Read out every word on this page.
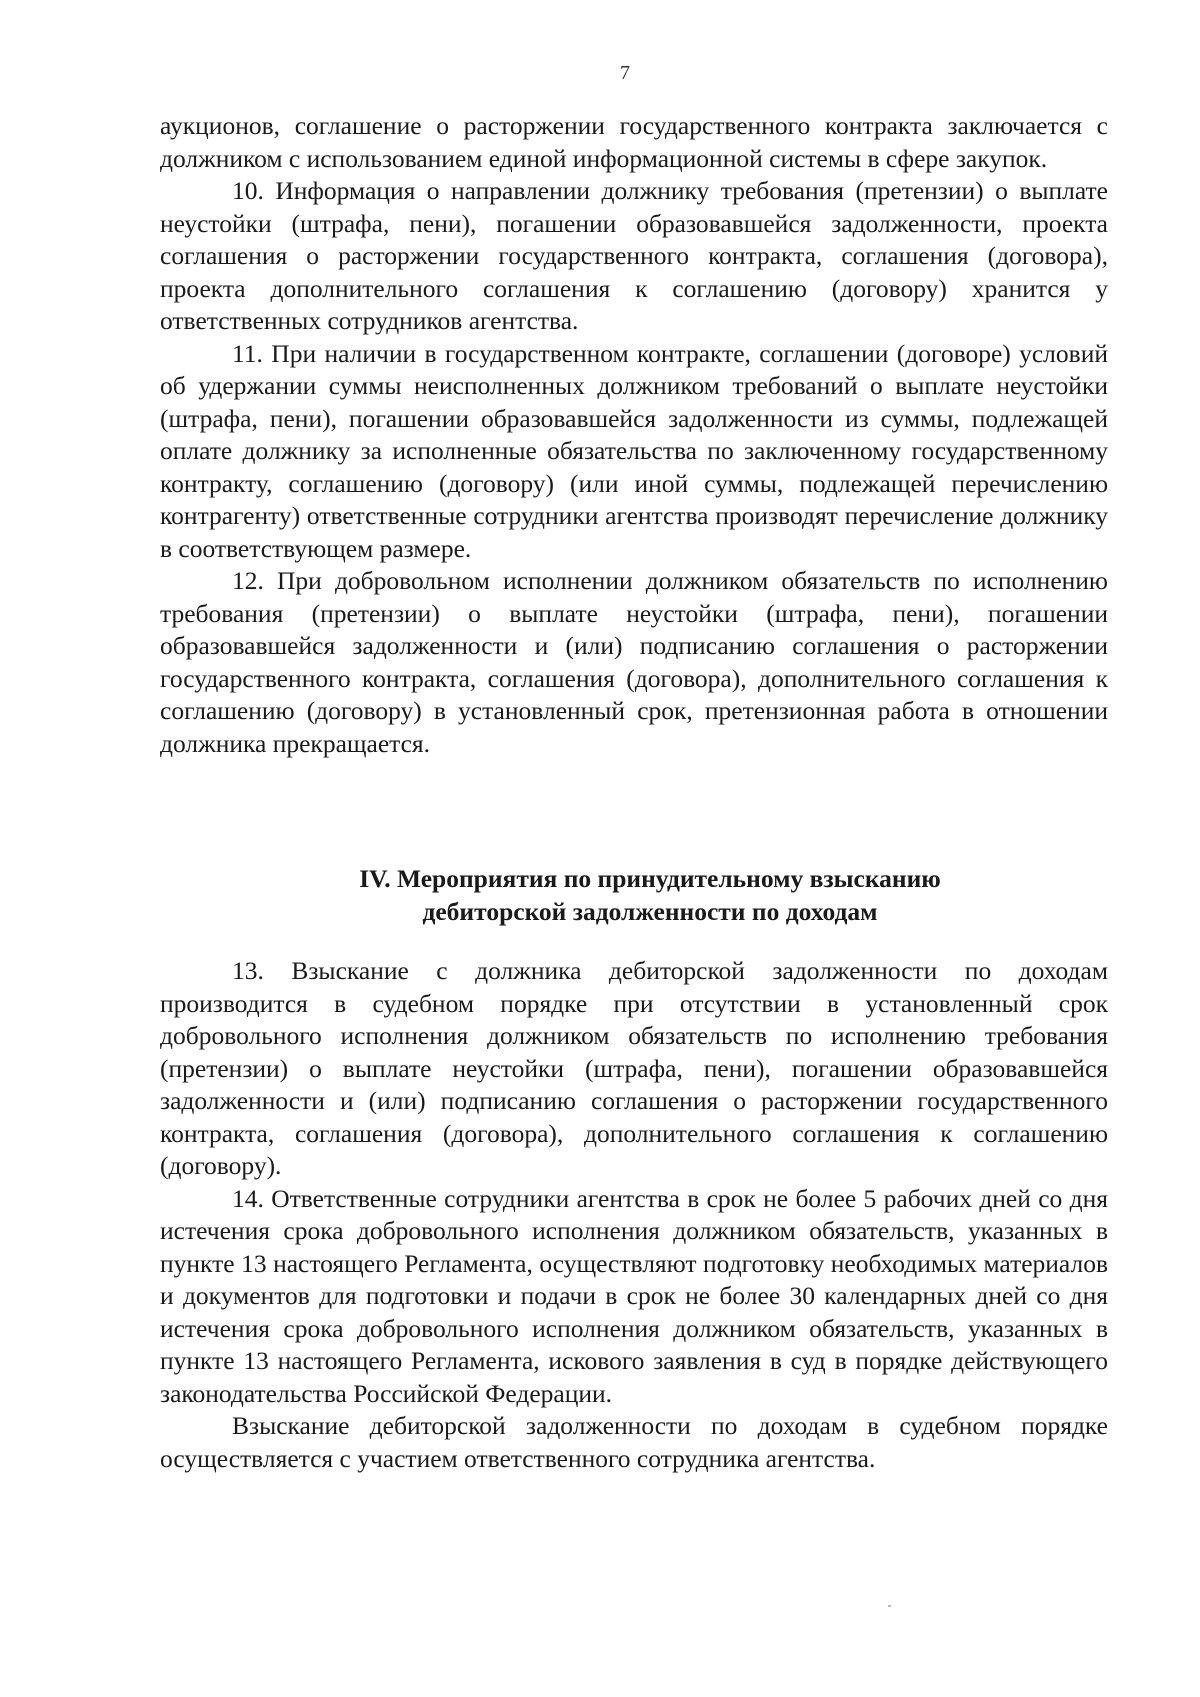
7

аукционов, соглашение о расторжении государственного контракта заключается с должником с использованием единой информационной системы в сфере закупок.

10. Информация о направлении должнику требования (претензии) о выплате неустойки (штрафа, пени), погашении образовавшейся задолженности, проекта соглашения о расторжении государственного контракта, соглашения (договора), проекта дополнительного соглашения к соглашению (договору) хранится у ответственных сотрудников агентства.

11. При наличии в государственном контракте, соглашении (договоре) условий об удержании суммы неисполненных должником требований о выплате неустойки (штрафа, пени), погашении образовавшейся задолженности из суммы, подлежащей оплате должнику за исполненные обязательства по заключенному государственному контракту, соглашению (договору) (или иной суммы, подлежащей перечислению контрагенту) ответственные сотрудники агентства производят перечисление должнику в соответствующем размере.

12. При добровольном исполнении должником обязательств по исполнению требования (претензии) о выплате неустойки (штрафа, пени), погашении образовавшейся задолженности и (или) подписанию соглашения о расторжении государственного контракта, соглашения (договора), дополнительного соглашения к соглашению (договору) в установленный срок, претензионная работа в отношении должника прекращается.

IV. Мероприятия по принудительному взысканию

дебиторской задолженности по доходам

13. Взыскание с должника дебиторской задолженности по доходам производится в судебном порядке при отсутствии в установленный срок добровольного исполнения должником обязательств по исполнению требования (претензии) о выплате неустойки (штрафа, пени), погашении образовавшейся задолженности и (или) подписанию соглашения о расторжении государственного контракта, соглашения (договора), дополнительного соглашения к соглашению (договору).

14. Ответственные сотрудники агентства в срок не более 5 рабочих дней со дня истечения срока добровольного исполнения должником обязательств, указанных в пункте 13 настоящего Регламента, осуществляют подготовку необходимых материалов и документов для подготовки и подачи в срок не более 30 календарных дней со дня истечения срока добровольного исполнения должником обязательств, указанных в пункте 13 настоящего Регламента, искового заявления в суд в порядке действующего законодательства Российской Федерации.

Взыскание дебиторской задолженности по доходам в судебном порядке осуществляется с участием ответственного сотрудника агентства.
